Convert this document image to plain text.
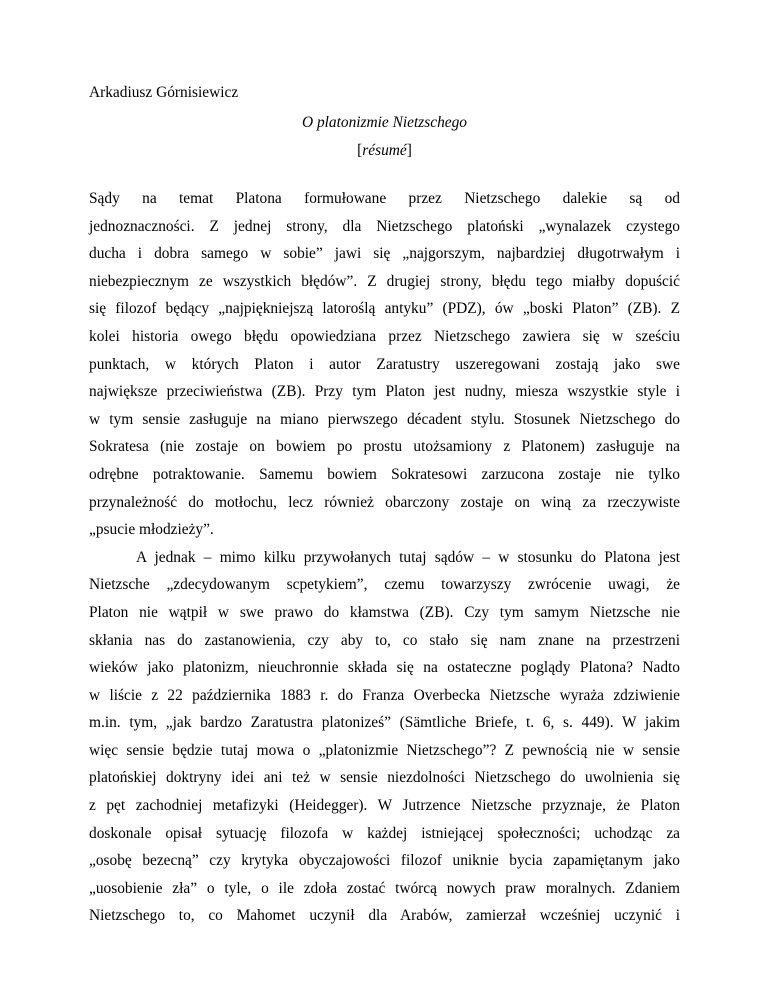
Arkadiusz Górnisiewicz
O platonizmie Nietzschego
[résumé]
Sądy na temat Platona formułowane przez Nietzschego dalekie są od
jednoznaczności. Z jednej strony, dla Nietzschego platoński „wynalazek czystego
ducha i dobra samego w sobie” jawi się „najgorszym, najbardziej długotrwałym i
niebezpiecznym ze wszystkich błędów”. Z drugiej strony, błędu tego miałby dopuścić
się filozof będący „najpiękniejszą latoroślą antyku” (PDZ), ów „boski Platon” (ZB). Z
kolei historia owego błędu opowiedziana przez Nietzschego zawiera się w sześciu
punktach, w których Platon i autor Zaratustry uszeregowani zostają jako swe
największe przeciwieństwa (ZB). Przy tym Platon jest nudny, miesza wszystkie style i
w tym sensie zasługuje na miano pierwszego décadent stylu. Stosunek Nietzschego do
Sokratesa (nie zostaje on bowiem po prostu utożsamiony z Platonem) zasługuje na
odrębne potraktowanie. Samemu bowiem Sokratesowi zarzucona zostaje nie tylko
przynależność do motłochu, lecz również obarczony zostaje on winą za rzeczywiste
„psucie młodzieży”.
A jednak – mimo kilku przywołanych tutaj sądów – w stosunku do Platona jest
Nietzsche „zdecydowanym scpetykiem”, czemu towarzyszy zwrócenie uwagi, że
Platon nie wątpił w swe prawo do kłamstwa (ZB). Czy tym samym Nietzsche nie
skłania nas do zastanowienia, czy aby to, co stało się nam znane na przestrzeni
wieków jako platonizm, nieuchronnie składa się na ostateczne poglądy Platona? Nadto
w liście z 22 października 1883 r. do Franza Overbecka Nietzsche wyraża zdziwienie
m.in. tym, „jak bardzo Zaratustra platoniześ” (Sämtliche Briefe, t. 6, s. 449). W jakim
więc sensie będzie tutaj mowa o „platonizmie Nietzschego”? Z pewnością nie w sensie
platońskiej doktryny idei ani też w sensie niezdolności Nietzschego do uwolnienia się
z pęt zachodniej metafizyki (Heidegger). W Jutrzence Nietzsche przyznaje, że Platon
doskonale opisał sytuację filozofa w każdej istniejącej społeczności; uchodząc za
„osobę bezecną” czy krytyka obyczajowości filozof uniknie bycia zapamiętanym jako
„uosobienie zła” o tyle, o ile zdoła zostać twórcą nowych praw moralnych. Zdaniem
Nietzschego to, co Mahomet uczynił dla Arabów, zamierzał wcześniej uczynić i
